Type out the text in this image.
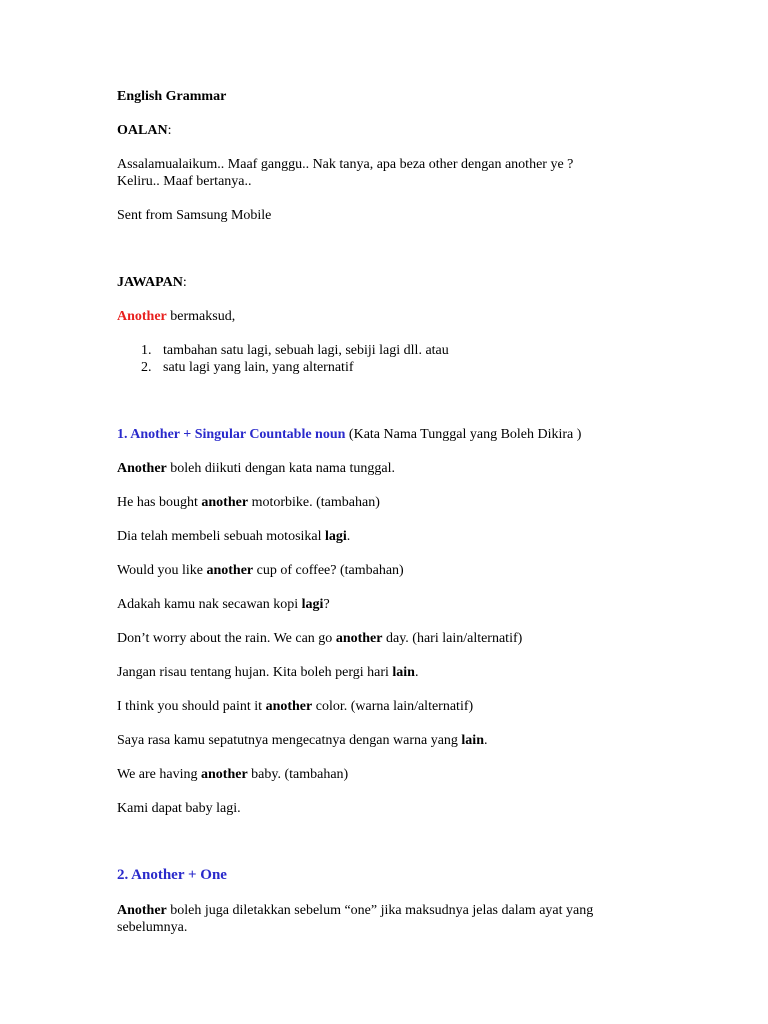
English Grammar
OALAN:
Assalamualaikum.. Maaf ganggu.. Nak tanya, apa beza other dengan another ye ?
Keliru.. Maaf bertanya..
Sent from Samsung Mobile
JAWAPAN:
Another bermaksud,
1. tambahan satu lagi, sebuah lagi, sebiji lagi dll. atau
2. satu lagi yang lain, yang alternatif
1. Another + Singular Countable noun (Kata Nama Tunggal yang Boleh Dikira )
Another boleh diikuti dengan kata nama tunggal.
He has bought another motorbike. (tambahan)
Dia telah membeli sebuah motosikal lagi.
Would you like another cup of coffee? (tambahan)
Adakah kamu nak secawan kopi lagi?
Don’t worry about the rain. We can go another day. (hari lain/alternatif)
Jangan risau tentang hujan. Kita boleh pergi hari lain.
I think you should paint it another color. (warna lain/alternatif)
Saya rasa kamu sepatutnya mengecatnya dengan warna yang lain.
We are having another baby. (tambahan)
Kami dapat baby lagi.
2. Another + One
Another boleh juga diletakkan sebelum “one” jika maksudnya jelas dalam ayat yang sebelumnya.
